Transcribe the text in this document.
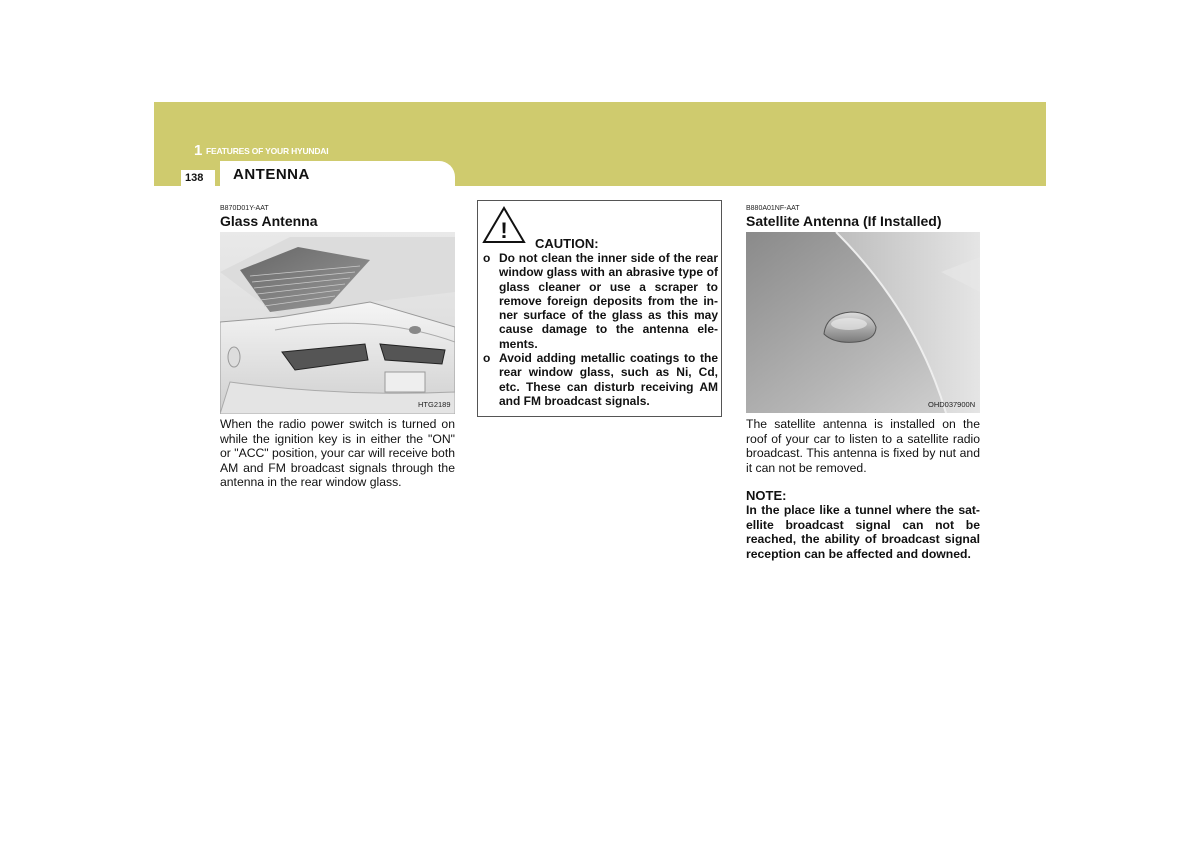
1 FEATURES OF YOUR HYUNDAI
138 ANTENNA
B870D01Y-AAT
Glass Antenna
HTG2189
When the radio power switch is turned on while the ignition key is in either the "ON" or "ACC" position, your car will receive both AM and FM broadcast signals through the antenna in the rear window glass.
!
CAUTION:
o Do not clean the inner side of the rear window glass with an abrasive type of glass cleaner or use a scraper to remove foreign deposits from the in- ner surface of the glass as this may cause damage to the antenna ele- ments.
o Avoid adding metallic coatings to the rear window glass, such as Ni, Cd, etc. These can disturb receiving AM and FM broadcast signals.
B880A01NF-AAT
Satellite Antenna (If Installed)
OHD037900N
The satellite antenna is installed on the roof of your car to listen to a satellite radio broadcast. This antenna is fixed by nut and it can not be removed.
NOTE:
In the place like a tunnel where the sat- ellite broadcast signal can not be reached, the ability of broadcast signal reception can be affected and downed.
